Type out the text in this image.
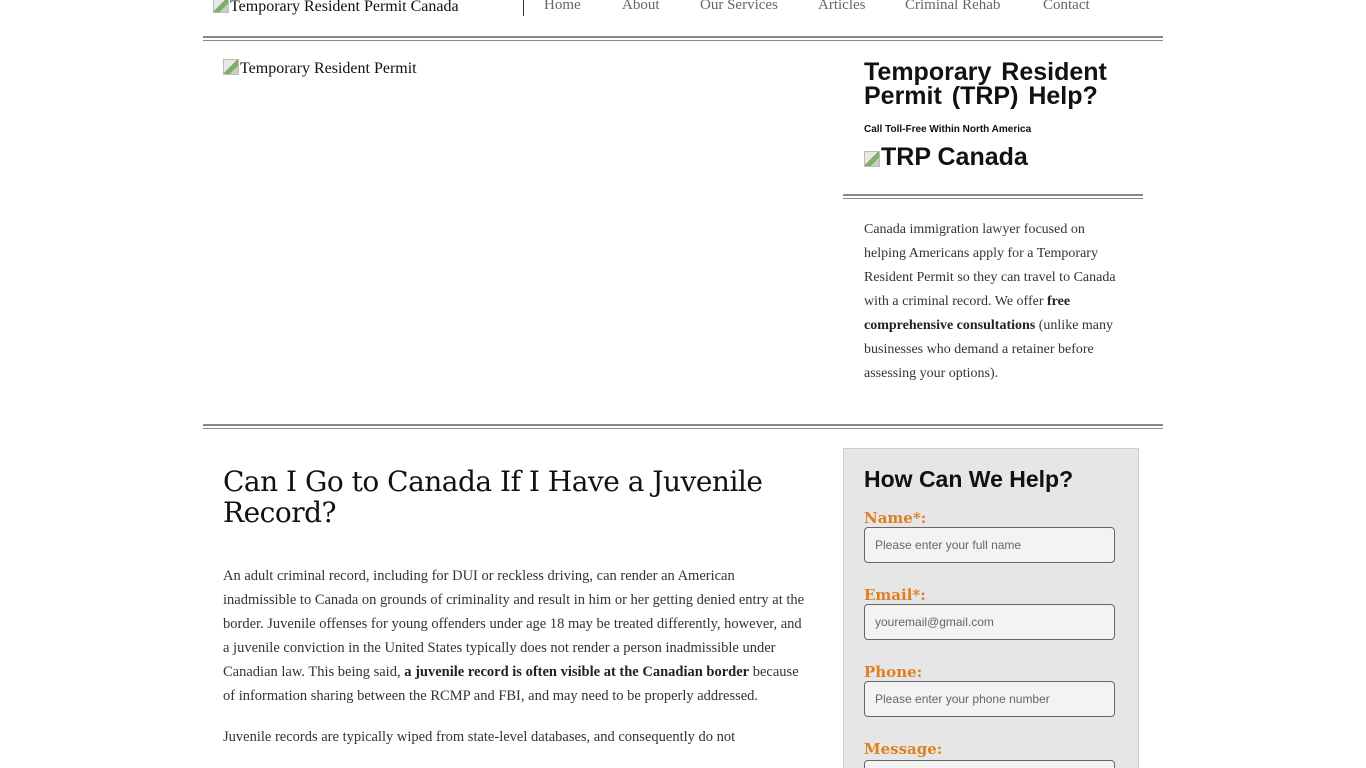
Temporary Resident Permit Canada	Home	About	Our Services	Articles	Criminal Rehab	Contact
Temporary Resident Permit	Temporary Resident Permit (TRP) Help?
Call Toll-Free Within North America
TRP Canada

Canada immigration lawyer focused on helping Americans apply for a Temporary Resident Permit so they can travel to Canada with a criminal record. We offer free comprehensive consultations (unlike many businesses who demand a retainer before assessing your options).

Can I Go to Canada If I Have a Juvenile Record?

An adult criminal record, including for DUI or reckless driving, can render an American inadmissible to Canada on grounds of criminality and result in him or her getting denied entry at the border. Juvenile offenses for young offenders under age 18 may be treated differently, however, and a juvenile conviction in the United States typically does not render a person inadmissible under Canadian law. This being said, a juvenile record is often visible at the Canadian border because of information sharing between the RCMP and FBI, and may need to be properly addressed.

Juvenile records are typically wiped from state-level databases, and consequently do not

How Can We Help?
Name*:
Please enter your full name
Email*:
youremail@gmail.com
Phone:
Please enter your phone number
Message:
